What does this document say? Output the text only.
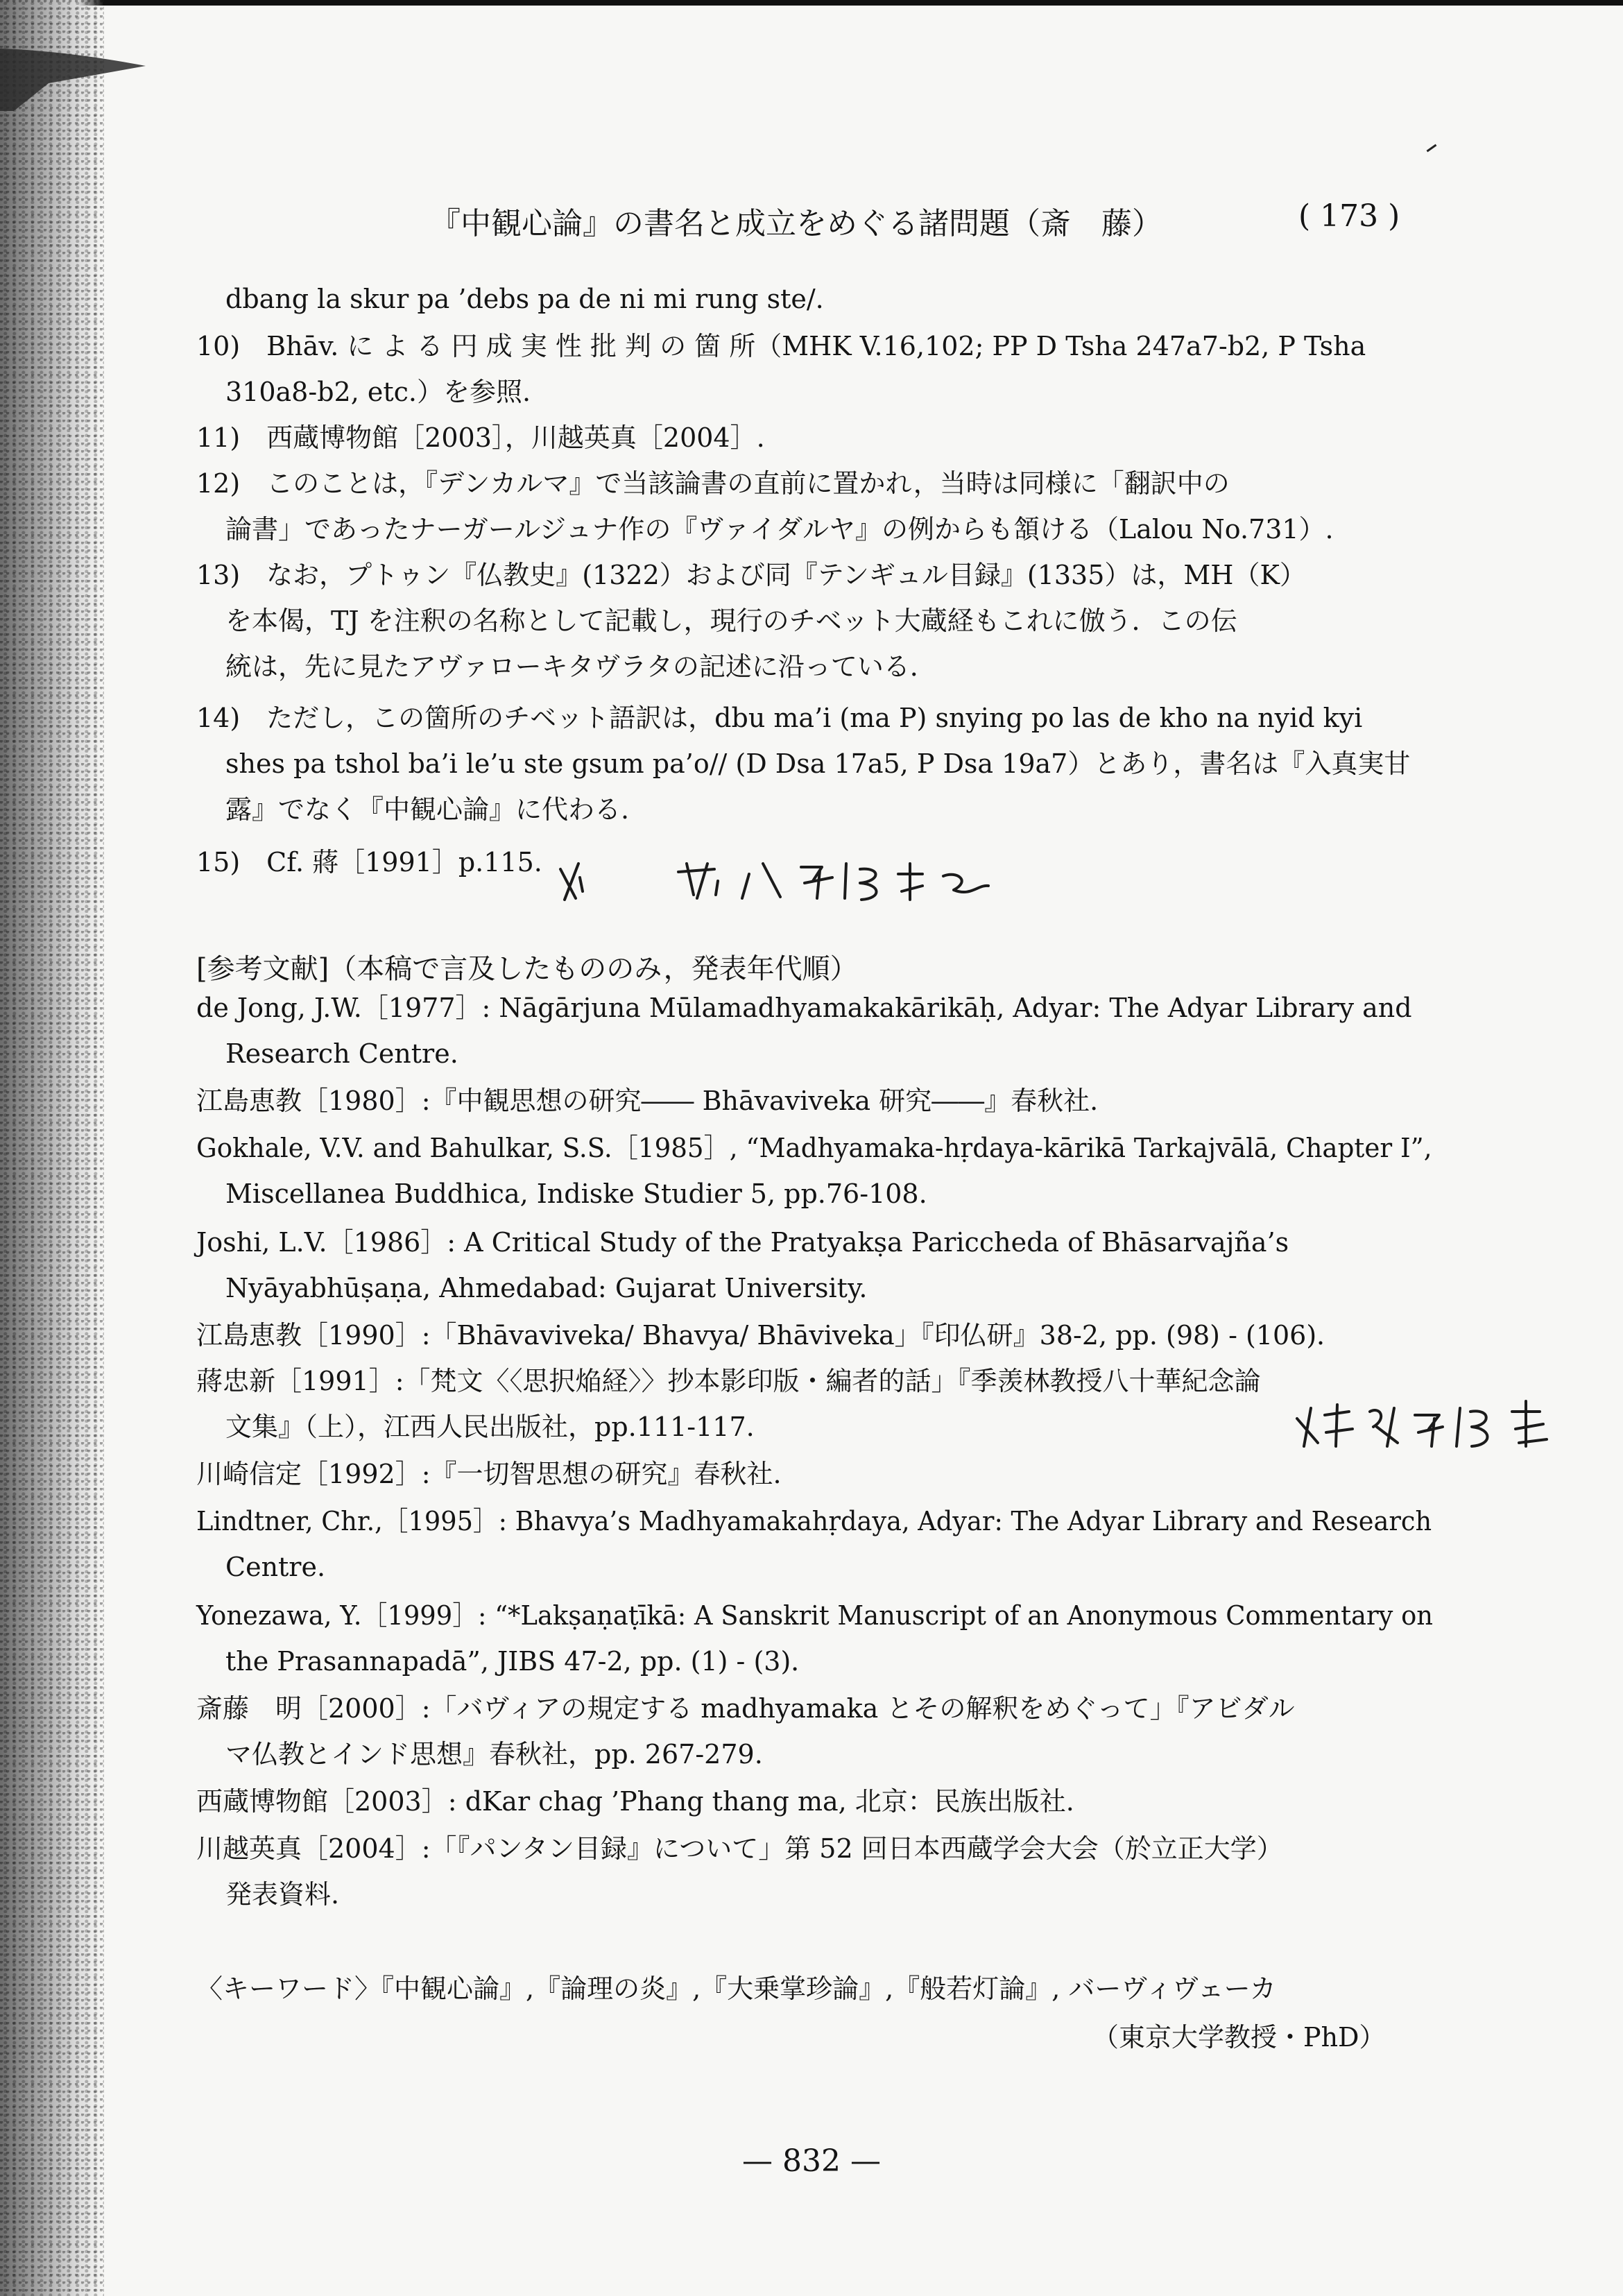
『中観心論』の書名と成立をめぐる諸問題（斎　藤）	( 173 )
dbang la skur pa ’debs pa de ni mi rung ste/.
10)　Bhāv. に よ る 円 成 実 性 批 判 の 箇 所（MHK V.16,102; PP D Tsha 247a7-b2, P Tsha
310a8-b2, etc.）を参照.
11)　西蔵博物館［2003］，川越英真［2004］.
12)　このことは，『デンカルマ』で当該論書の直前に置かれ，当時は同様に「翻訳中の
論書」であったナーガールジュナ作の『ヴァイダルヤ』の例からも頷ける（Lalou No.731）.
13)　なお，プトゥン『仏教史』(1322）および同『テンギュル目録』(1335）は，MH（K）
を本偈，TJ を注釈の名称として記載し，現行のチベット大蔵経もこれに倣う．この伝
統は，先に見たアヴァローキタヴラタの記述に沿っている．
14)　ただし，この箇所のチベット語訳は，dbu ma’i (ma P) snying po las de kho na nyid kyi
shes pa tshol ba’i le’u ste gsum pa’o// (D Dsa 17a5, P Dsa 19a7）とあり，書名は『入真実甘
露』でなく『中観心論』に代わる.
15)　Cf. 蔣［1991］p.115.
[参考文献]（本稿で言及したもののみ，発表年代順）
de Jong, J.W.［1977］: Nāgārjuna Mūlamadhyamakakārikāḥ, Adyar: The Adyar Library and
Research Centre.
江島恵教［1980］:『中観思想の研究―― Bhāvaviveka 研究――』春秋社.
Gokhale, V.V. and Bahulkar, S.S.［1985］, “Madhyamaka-hṛdaya-kārikā Tarkajvālā, Chapter I”,
Miscellanea Buddhica, Indiske Studier 5, pp.76-108.
Joshi, L.V.［1986］: A Critical Study of the Pratyakṣa Pariccheda of Bhāsarvajña’s
Nyāyabhūṣaṇa, Ahmedabad: Gujarat University.
江島恵教［1990］:「Bhāvaviveka/ Bhavya/ Bhāviveka」『印仏研』38-2, pp. (98) - (106)．
蔣忠新［1991］:「梵文〈〈思択焔経〉〉抄本影印版・編者的話」『季羡林教授八十華紀念論
文集』（上），江西人民出版社，pp.111-117.
川崎信定［1992］:『一切智思想の研究』春秋社.
Lindtner, Chr.,［1995］: Bhavya’s Madhyamakahṛdaya, Adyar: The Adyar Library and Research
Centre.
Yonezawa, Y.［1999］: “*Lakṣaṇaṭīkā: A Sanskrit Manuscript of an Anonymous Commentary on
the Prasannapadā”, JIBS 47-2, pp. (1) - (3)．
斎藤　明［2000］:「バヴィアの規定する madhyamaka とその解釈をめぐって」『アビダル
マ仏教とインド思想』春秋社，pp. 267-279.
西蔵博物館［2003］: dKar chag ’Phang thang ma, 北京：民族出版社.
川越英真［2004］:「『パンタン目録』について」第 52 回日本西蔵学会大会（於立正大学）
発表資料.
〈キーワード〉『中観心論』,『論理の炎』,『大乗掌珍論』,『般若灯論』, バーヴィヴェーカ
（東京大学教授・PhD）
— 832 —
